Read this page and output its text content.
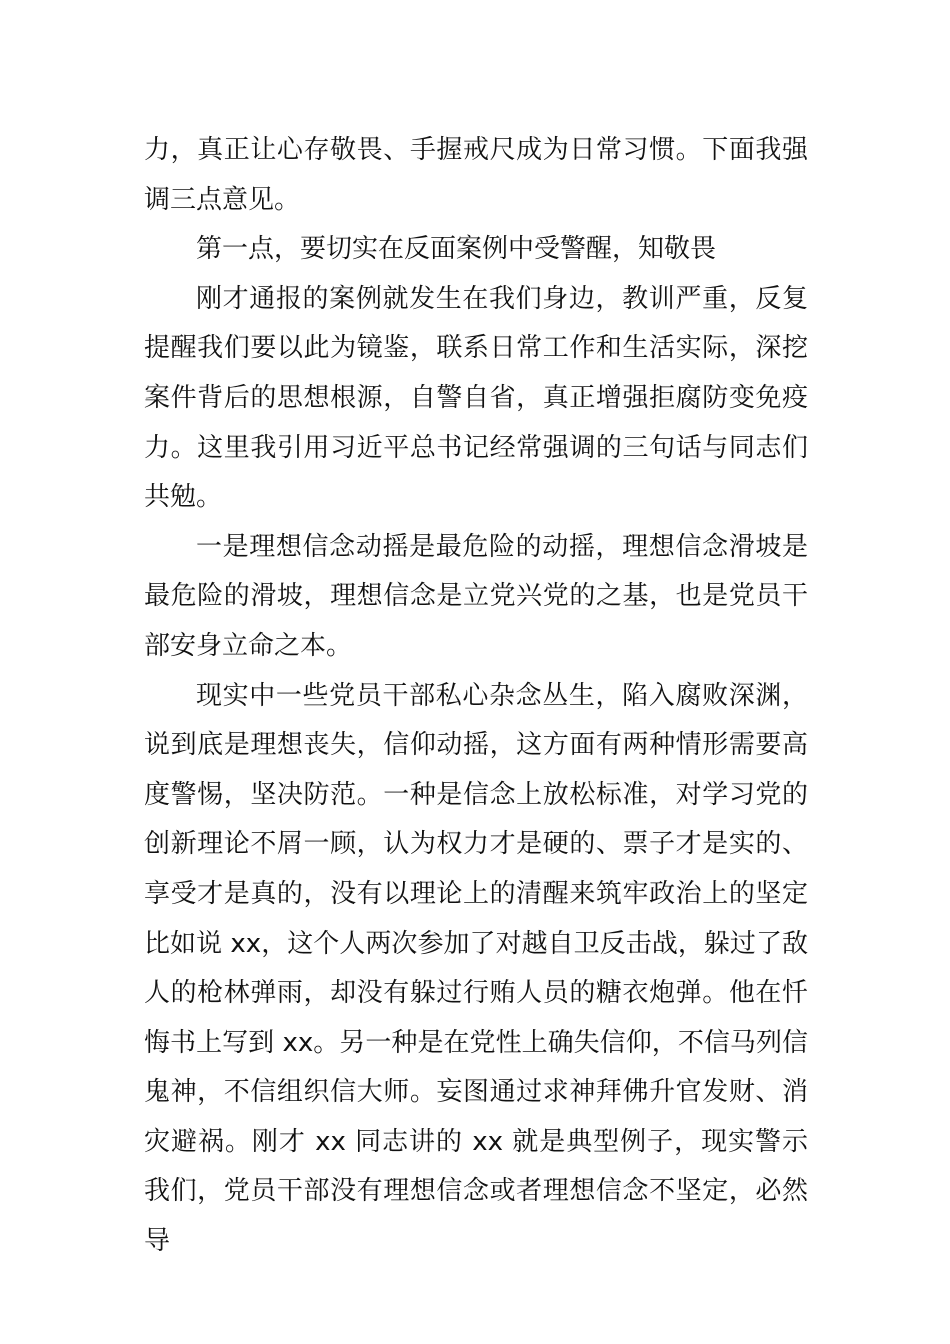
力，真正让心存敬畏、手握戒尺成为日常习惯。下面我强调三点意见。

第一点，要切实在反面案例中受警醒，知敬畏

刚才通报的案例就发生在我们身边，教训严重，反复提醒我们要以此为镜鉴，联系日常工作和生活实际，深挖案件背后的思想根源，自警自省，真正增强拒腐防变免疫力。这里我引用习近平总书记经常强调的三句话与同志们共勉。

一是理想信念动摇是最危险的动摇，理想信念滑坡是最危险的滑坡，理想信念是立党兴党的之基，也是党员干部安身立命之本。

现实中一些党员干部私心杂念丛生，陷入腐败深渊，说到底是理想丧失，信仰动摇，这方面有两种情形需要高度警惕，坚决防范。一种是信念上放松标准，对学习党的创新理论不屑一顾，认为权力才是硬的、票子才是实的、享受才是真的，没有以理论上的清醒来筑牢政治上的坚定比如说 xx，这个人两次参加了对越自卫反击战，躲过了敌人的枪林弹雨，却没有躲过行贿人员的糖衣炮弹。他在忏悔书上写到 xx。另一种是在党性上确失信仰，不信马列信鬼神，不信组织信大师。妄图通过求神拜佛升官发财、消灾避祸。刚才 xx 同志讲的 xx 就是典型例子，现实警示我们，党员干部没有理想信念或者理想信念不坚定，必然导
